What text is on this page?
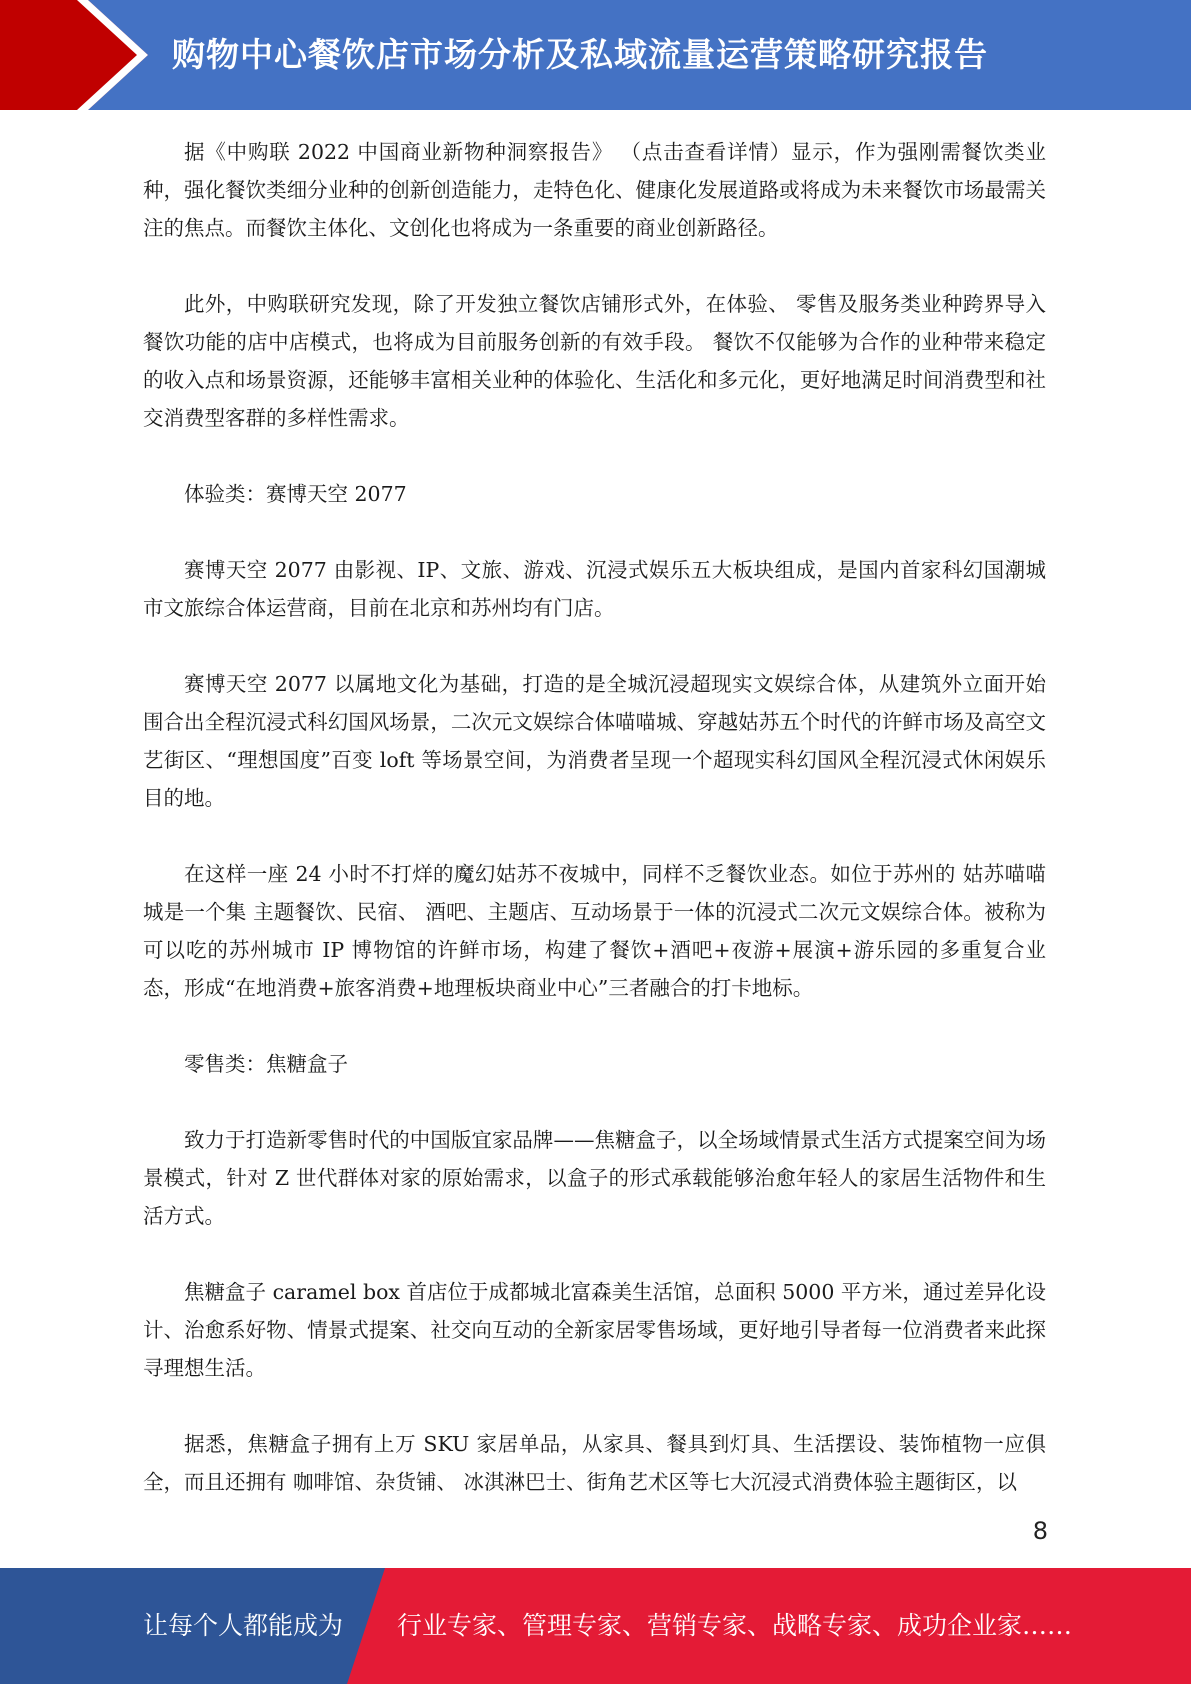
购物中心餐饮店市场分析及私域流量运营策略研究报告

据《中购联 2022 中国商业新物种洞察报告》 （点击查看详情）显示，作为强刚需餐饮类业种，强化餐饮类细分业种的创新创造能力，走特色化、健康化发展道路或将成为未来餐饮市场最需关注的焦点。而餐饮主体化、文创化也将成为一条重要的商业创新路径。

此外，中购联研究发现，除了开发独立餐饮店铺形式外，在体验、 零售及服务类业种跨界导入 餐饮功能的店中店模式，也将成为目前服务创新的有效手段。 餐饮不仅能够为合作的业种带来稳定的收入点和场景资源，还能够丰富相关业种的体验化、生活化和多元化，更好地满足时间消费型和社交消费型客群的多样性需求。

体验类：赛博天空 2077

赛博天空 2077 由影视、IP、文旅、游戏、沉浸式娱乐五大板块组成，是国内首家科幻国潮城市文旅综合体运营商，目前在北京和苏州均有门店。

赛博天空 2077 以属地文化为基础，打造的是全城沉浸超现实文娱综合体，从建筑外立面开始围合出全程沉浸式科幻国风场景，二次元文娱综合体喵喵城、穿越姑苏五个时代的许鲜市场及高空文艺街区、“理想国度”百变 loft 等场景空间，为消费者呈现一个超现实科幻国风全程沉浸式休闲娱乐目的地。

在这样一座 24 小时不打烊的魔幻姑苏不夜城中，同样不乏餐饮业态。如位于苏州的 姑苏喵喵城是一个集 主题餐饮、民宿、 酒吧、主题店、互动场景于一体的沉浸式二次元文娱综合体。被称为 可以吃的苏州城市 IP 博物馆的许鲜市场，构建了餐饮+酒吧+夜游+展演+游乐园的多重复合业态，形成“在地消费+旅客消费+地理板块商业中心”三者融合的打卡地标。

零售类：焦糖盒子

致力于打造新零售时代的中国版宜家品牌——焦糖盒子，以全场域情景式生活方式提案空间为场景模式，针对 Z 世代群体对家的原始需求，以盒子的形式承载能够治愈年轻人的家居生活物件和生活方式。

焦糖盒子 caramel box 首店位于成都城北富森美生活馆，总面积 5000 平方米，通过差异化设计、治愈系好物、情景式提案、社交向互动的全新家居零售场域，更好地引导者每一位消费者来此探寻理想生活。

据悉，焦糖盒子拥有上万 SKU 家居单品，从家具、餐具到灯具、生活摆设、装饰植物一应俱全，而且还拥有 咖啡馆、杂货铺、 冰淇淋巴士、街角艺术区等七大沉浸式消费体验主题街区，以

8
让每个人都能成为 行业专家、管理专家、营销专家、战略专家、成功企业家……
